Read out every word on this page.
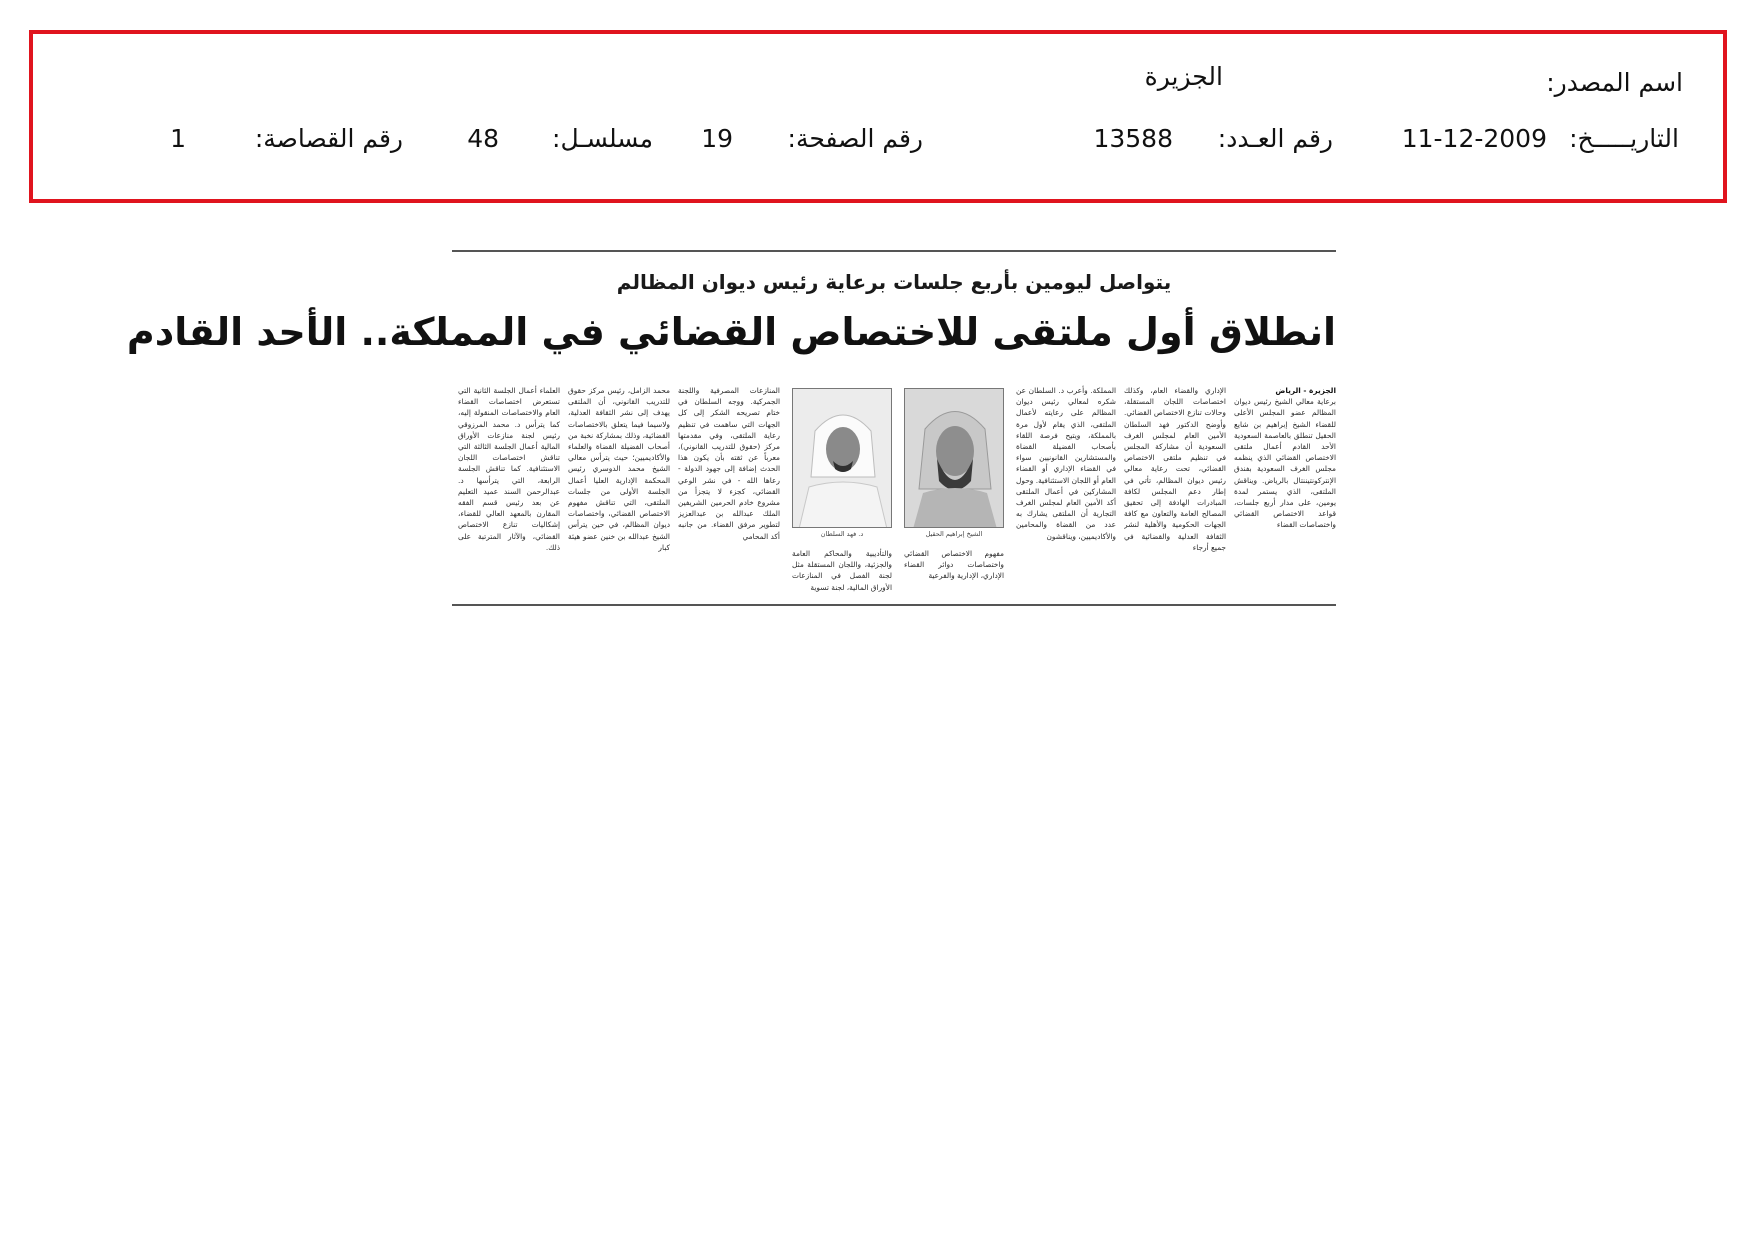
اسم المصدر:
الجزيرة
التاريـــــخ:
11-12-2009
رقم العـدد:
13588
رقم الصفحة:
19
مسلسـل:
48
رقم القصاصة:
1
يتواصل ليومين بأربع جلسات برعاية رئيس ديوان المظالم
انطلاق أول ملتقى للاختصاص القضائي في المملكة.. الأحد القادم
الجزيرة - الرياض
برعاية معالي الشيخ رئيس ديوان المظالم عضو المجلس الأعلى للقضاء الشيخ إبراهيم بن شايع الحقيل تنطلق بالعاصمة السعودية الأحد القادم أعمال ملتقى الاختصاص القضائي الذي ينظمه مجلس الغرف السعودية بفندق الإنتركونتيننتال بالرياض. ويناقش الملتقى، الذي يستمر لمدة يومين، على مدار أربع جلسات، قواعد الاختصاص القضائي واختصاصات القضاء
الإداري والقضاء العام، وكذلك اختصاصات اللجان المستقلة، وحالات تنازع الاختصاص القضائي. وأوضح الدكتور فهد السلطان الأمين العام لمجلس الغرف السعودية أن مشاركة المجلس في تنظيم ملتقى الاختصاص القضائي، تحت رعاية معالي رئيس ديوان المظالم، تأتي في إطار دعم المجلس لكافة المبادرات الهادفة إلى تحقيق المصالح العامة والتعاون مع كافة الجهات الحكومية والأهلية لنشر الثقافة العدلية والقضائية في جميع أرجاء
المملكة. وأعرب د. السلطان عن شكره لمعالي رئيس ديوان المظالم على رعايته لأعمال الملتقى، الذي يقام لأول مرة بالمملكة، ويتيح فرصة اللقاء بأصحاب الفضيلة القضاة والمستشارين القانونيين سواء في القضاء الإداري أو القضاء العام أو اللجان الاستئنافية. وحول المشاركين في أعمال الملتقى أكد الأمين العام لمجلس الغرف التجارية أن الملتقى يشارك به عدد من القضاة والمحامين والأكاديميين، ويناقشون
الشيخ إبراهيم الحقيل
د. فهد السلطان
مفهوم الاختصاص القضائي واختصاصات دوائر القضاء الإداري، الإدارية والفرعية
والتأديبية والمحاكم العامة والجزئية، واللجان المستقلة مثل لجنة الفصل في المنازعات الأوراق المالية، لجنة تسوية
المنازعات المصرفية واللجنة الجمركية. ووجه السلطان في ختام تصريحه الشكر إلى كل الجهات التي ساهمت في تنظيم رعاية الملتقى، وفي مقدمتها مركز (حقوق للتدريب القانوني)، معرباً عن ثقته بأن يكون هذا الحدث إضافة إلى جهود الدولة - رعاها الله - في نشر الوعي القضائي، كجزء لا يتجزأ من مشروع خادم الحرمين الشريفين الملك عبدالله بن عبدالعزيز لتطوير مرفق القضاء. من جانبه أكد المحامي
محمد الزامل، رئيس مركز حقوق للتدريب القانوني، أن الملتقى يهدف إلى نشر الثقافة العدلية، ولاسيما فيما يتعلق بالاختصاصات القضائية، وذلك بمشاركة نخبة من أصحاب الفضيلة القضاة والعلماء والأكاديميين؛ حيث يترأس معالي الشيخ محمد الدوسري رئيس المحكمة الإدارية العليا أعمال الجلسة الأولى من جلسات الملتقى، التي تناقش مفهوم الاختصاص القضائي، واختصاصات ديوان المظالم، في حين يترأس الشيخ عبدالله بن خنين عضو هيئة كبار
العلماء أعمال الجلسة الثانية التي تستعرض اختصاصات القضاء العام والاختصاصات المنقولة إليه، كما يترأس د. محمد المرزوقي رئيس لجنة منازعات الأوراق المالية أعمال الجلسة الثالثة التي تناقش اختصاصات اللجان الاستئنافية. كما تناقش الجلسة الرابعة، التي يترأسها د. عبدالرحمن السند عميد التعليم عن بعد رئيس قسم الفقه المقارن بالمعهد العالي للقضاء، إشكاليات تنازع الاختصاص القضائي، والآثار المترتبة على ذلك.
